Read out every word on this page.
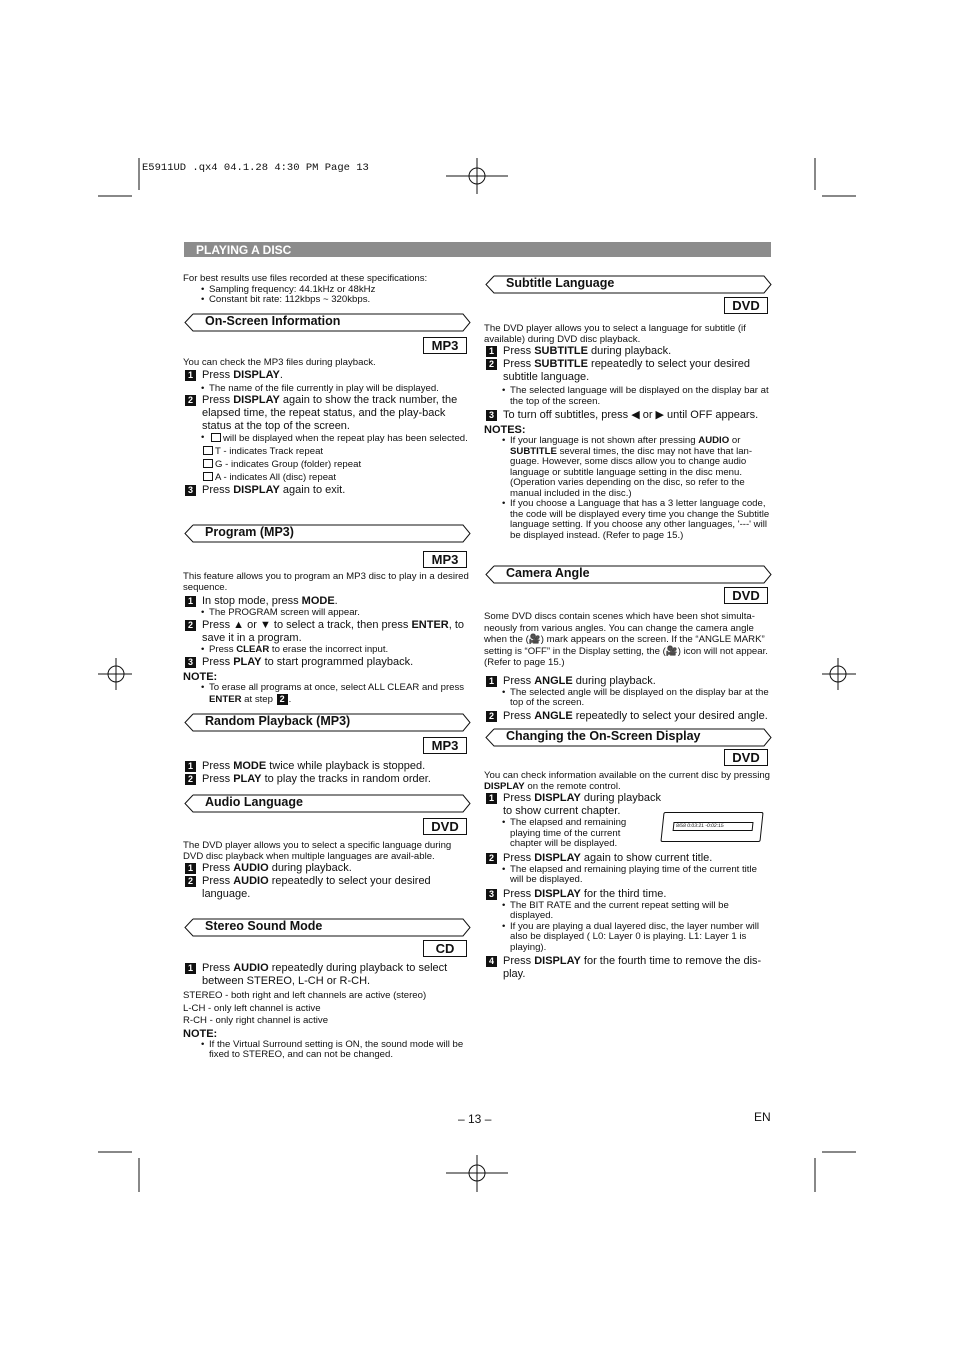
E5911UD .qx4 04.1.28 4:30 PM Page 13
PLAYING A DISC
For best results use files recorded at these specifications:
• Sampling frequency: 44.1kHz or 48kHz
• Constant bit rate: 112kbps ~ 320kbps.
On-Screen Information
MP3
You can check the MP3 files during playback.
1 Press DISPLAY.
• The name of the file currently in play will be displayed.
2 Press DISPLAY again to show the track number, the elapsed time, the repeat status, and the play-back status at the top of the screen.
• will be displayed when the repeat play has been selected.
T - indicates Track repeat
G - indicates Group (folder) repeat
A - indicates All (disc) repeat
3 Press DISPLAY again to exit.
Program (MP3)
MP3
This feature allows you to program an MP3 disc to play in a desired sequence.
1 In stop mode, press MODE.
• The PROGRAM screen will appear.
2 Press ▲ or ▼ to select a track, then press ENTER, to save it in a program.
• Press CLEAR to erase the incorrect input.
3 Press PLAY to start programmed playback.
NOTE:
• To erase all programs at once, select ALL CLEAR and press ENTER at step 2 .
Random Playback (MP3)
MP3
1 Press MODE twice while playback is stopped.
2 Press PLAY to play the tracks in random order.
Audio Language
DVD
The DVD player allows you to select a specific language during DVD disc playback when multiple languages are avail-able.
1 Press AUDIO during playback.
2 Press AUDIO repeatedly to select your desired language.
Stereo Sound Mode
CD
1 Press AUDIO repeatedly during playback to select between STEREO, L-CH or R-CH.
STEREO - both right and left channels are active (stereo)
L-CH - only left channel is active
R-CH - only right channel is active
NOTE:
• If the Virtual Surround setting is ON, the sound mode will be fixed to STEREO, and can not be changed.
Subtitle Language
DVD
The DVD player allows you to select a language for subtitle (if available) during DVD disc playback.
1 Press SUBTITLE during playback.
2 Press SUBTITLE repeatedly to select your desired subtitle language.
• The selected language will be displayed on the display bar at the top of the screen.
3 To turn off subtitles, press ◀ or ▶ until OFF appears.
NOTES:
• If your language is not shown after pressing AUDIO or SUBTITLE several times, the disc may not have that lan-guage. However, some discs allow you to change audio language or subtitle language setting in the disc menu. (Operation varies depending on the disc, so refer to the manual included in the disc.)
• If you choose a Language that has a 3 letter language code, the code will be displayed every time you change the Subtitle language setting. If you choose any other languages, '---' will be displayed instead. (Refer to page 15.)
Camera Angle
DVD
Some DVD discs contain scenes which have been shot simulta-neously from various angles. You can change the camera angle when the (🎥) mark appears on the screen. If the “ANGLE MARK” setting is “OFF” in the Display setting, the (🎥) icon will not appear. (Refer to page 15.)
1 Press ANGLE during playback.
• The selected angle will be displayed on the display bar at the top of the screen.
2 Press ANGLE repeatedly to select your desired angle.
Changing the On-Screen Display
DVD
You can check information available on the current disc by pressing DISPLAY on the remote control.
1 Press DISPLAY during playback to show current chapter.
• The elapsed and remaining playing time of the current chapter will be displayed.
8/58 0:03:21 -0:02:15
2 Press DISPLAY again to show current title.
• The elapsed and remaining playing time of the current title will be displayed.
3 Press DISPLAY for the third time.
• The BIT RATE and the current repeat setting will be displayed.
• If you are playing a dual layered disc, the layer number will also be displayed ( L0: Layer 0 is playing. L1: Layer 1 is playing).
4 Press DISPLAY for the fourth time to remove the dis-play.
– 13 –	EN
